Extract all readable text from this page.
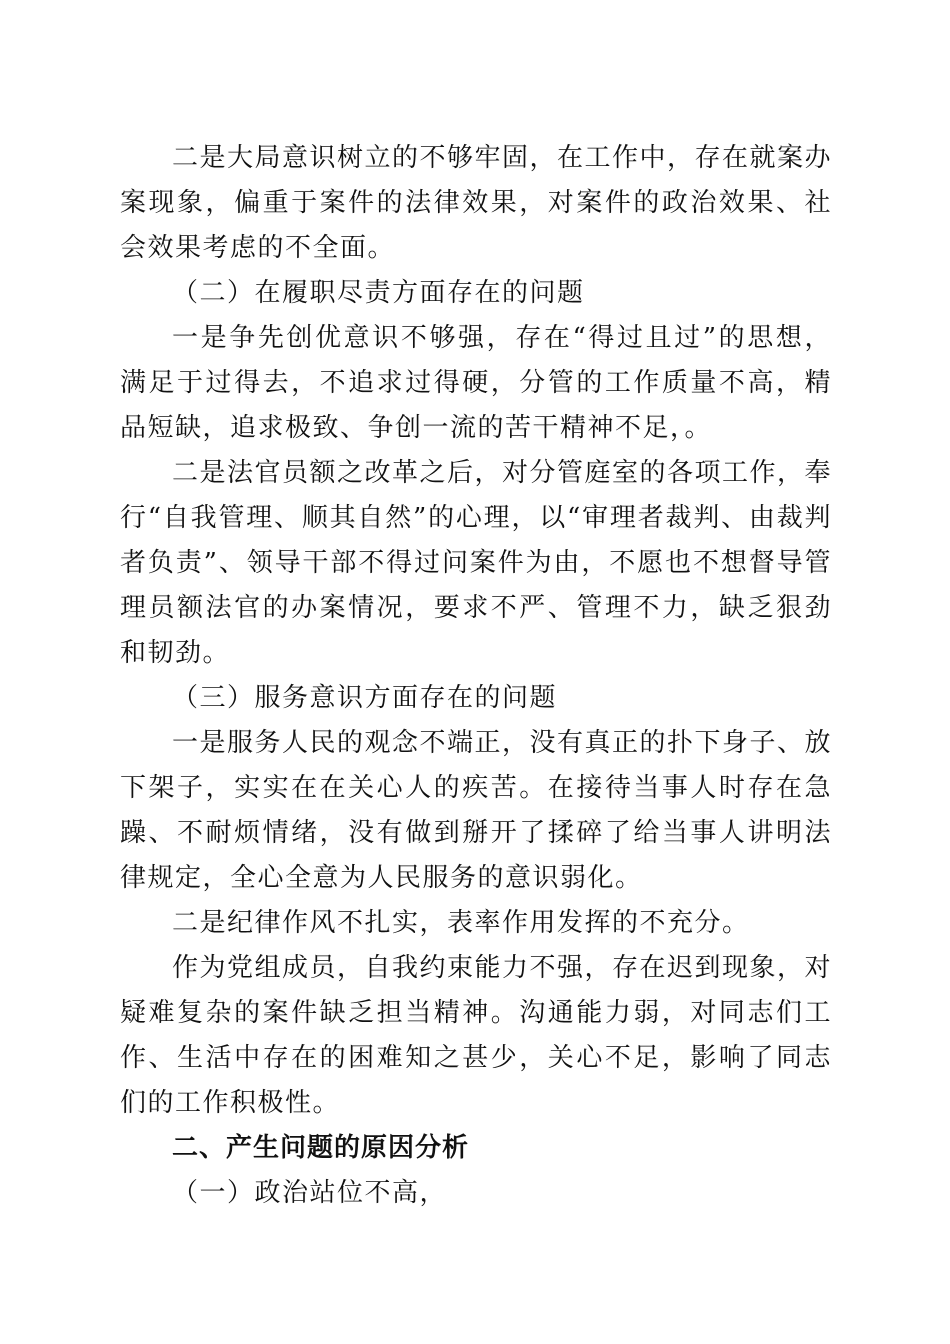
二是大局意识树立的不够牢固，在工作中，存在就案办案现象，偏重于案件的法律效果，对案件的政治效果、社会效果考虑的不全面。

（二）在履职尽责方面存在的问题

一是争先创优意识不够强，存在“得过且过”的思想，满足于过得去，不追求过得硬，分管的工作质量不高，精品短缺，追求极致、争创一流的苦干精神不足，。

二是法官员额之改革之后，对分管庭室的各项工作，奉行“自我管理、顺其自然”的心理，以“审理者裁判、由裁判者负责”、领导干部不得过问案件为由，不愿也不想督导管理员额法官的办案情况，要求不严、管理不力，缺乏狠劲和韧劲。

（三）服务意识方面存在的问题

一是服务人民的观念不端正，没有真正的扑下身子、放下架子，实实在在关心人的疾苦。在接待当事人时存在急躁、不耐烦情绪，没有做到掰开了揉碎了给当事人讲明法律规定，全心全意为人民服务的意识弱化。

二是纪律作风不扎实，表率作用发挥的不充分。

作为党组成员，自我约束能力不强，存在迟到现象，对疑难复杂的案件缺乏担当精神。沟通能力弱，对同志们工作、生活中存在的困难知之甚少，关心不足，影响了同志们的工作积极性。

二、产生问题的原因分析

（一）政治站位不高，
